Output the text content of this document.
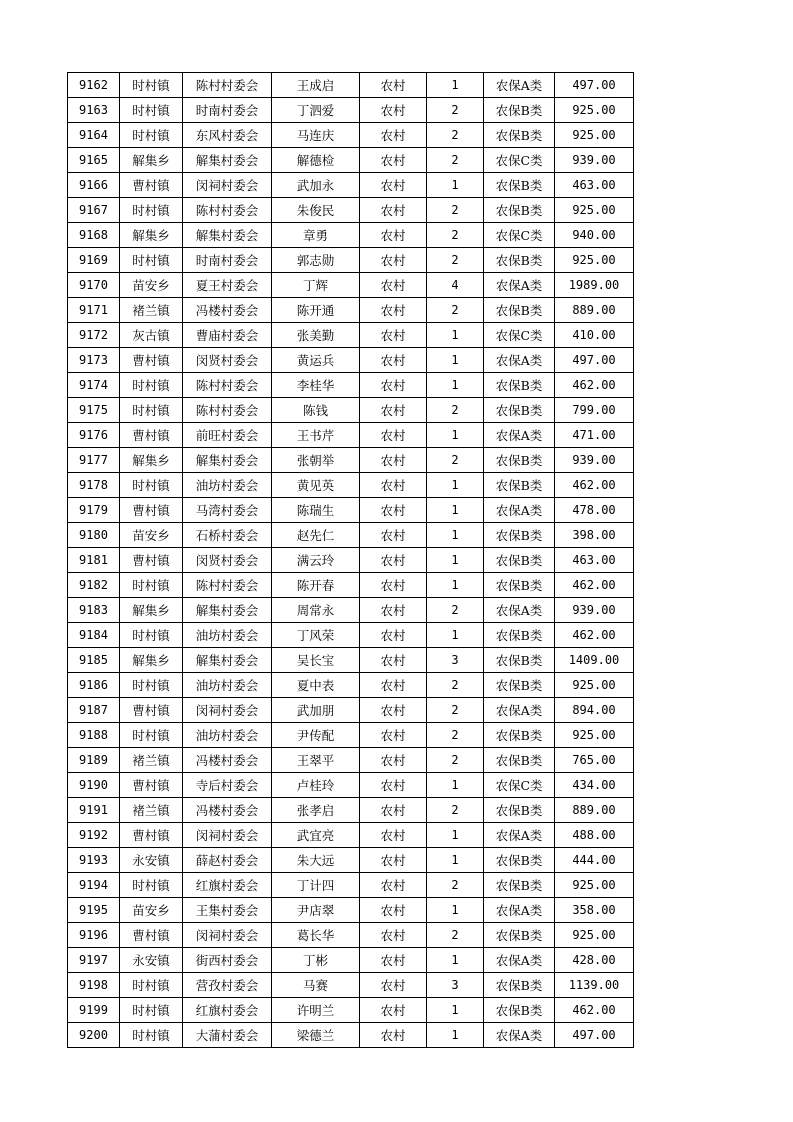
9162	时村镇	陈村村委会	王成启	农村	1	农保A类	497.00
9163	时村镇	时南村委会	丁泗爱	农村	2	农保B类	925.00
9164	时村镇	东风村委会	马连庆	农村	2	农保B类	925.00
9165	解集乡	解集村委会	解德检	农村	2	农保C类	939.00
9166	曹村镇	闵祠村委会	武加永	农村	1	农保B类	463.00
9167	时村镇	陈村村委会	朱俊民	农村	2	农保B类	925.00
9168	解集乡	解集村委会	章勇	农村	2	农保C类	940.00
9169	时村镇	时南村委会	郭志勋	农村	2	农保B类	925.00
9170	苗安乡	夏王村委会	丁辉	农村	4	农保A类	1989.00
9171	褚兰镇	冯楼村委会	陈开通	农村	2	农保B类	889.00
9172	灰古镇	曹庙村委会	张美勤	农村	1	农保C类	410.00
9173	曹村镇	闵贤村委会	黄运兵	农村	1	农保A类	497.00
9174	时村镇	陈村村委会	李桂华	农村	1	农保B类	462.00
9175	时村镇	陈村村委会	陈钱	农村	2	农保B类	799.00
9176	曹村镇	前旺村委会	王书芹	农村	1	农保A类	471.00
9177	解集乡	解集村委会	张朝举	农村	2	农保B类	939.00
9178	时村镇	油坊村委会	黄见英	农村	1	农保B类	462.00
9179	曹村镇	马湾村委会	陈瑞生	农村	1	农保A类	478.00
9180	苗安乡	石桥村委会	赵先仁	农村	1	农保B类	398.00
9181	曹村镇	闵贤村委会	满云玲	农村	1	农保B类	463.00
9182	时村镇	陈村村委会	陈开春	农村	1	农保B类	462.00
9183	解集乡	解集村委会	周常永	农村	2	农保A类	939.00
9184	时村镇	油坊村委会	丁风荣	农村	1	农保B类	462.00
9185	解集乡	解集村委会	吴长宝	农村	3	农保B类	1409.00
9186	时村镇	油坊村委会	夏中表	农村	2	农保B类	925.00
9187	曹村镇	闵祠村委会	武加朋	农村	2	农保A类	894.00
9188	时村镇	油坊村委会	尹传配	农村	2	农保B类	925.00
9189	褚兰镇	冯楼村委会	王翠平	农村	2	农保B类	765.00
9190	曹村镇	寺后村委会	卢桂玲	农村	1	农保C类	434.00
9191	褚兰镇	冯楼村委会	张孝启	农村	2	农保B类	889.00
9192	曹村镇	闵祠村委会	武宜亮	农村	1	农保A类	488.00
9193	永安镇	薛赵村委会	朱大远	农村	1	农保B类	444.00
9194	时村镇	红旗村委会	丁计四	农村	2	农保B类	925.00
9195	苗安乡	王集村委会	尹店翠	农村	1	农保A类	358.00
9196	曹村镇	闵祠村委会	葛长华	农村	2	农保B类	925.00
9197	永安镇	街西村委会	丁彬	农村	1	农保A类	428.00
9198	时村镇	营孜村委会	马赛	农村	3	农保B类	1139.00
9199	时村镇	红旗村委会	许明兰	农村	1	农保B类	462.00
9200	时村镇	大蒲村委会	梁德兰	农村	1	农保A类	497.00
